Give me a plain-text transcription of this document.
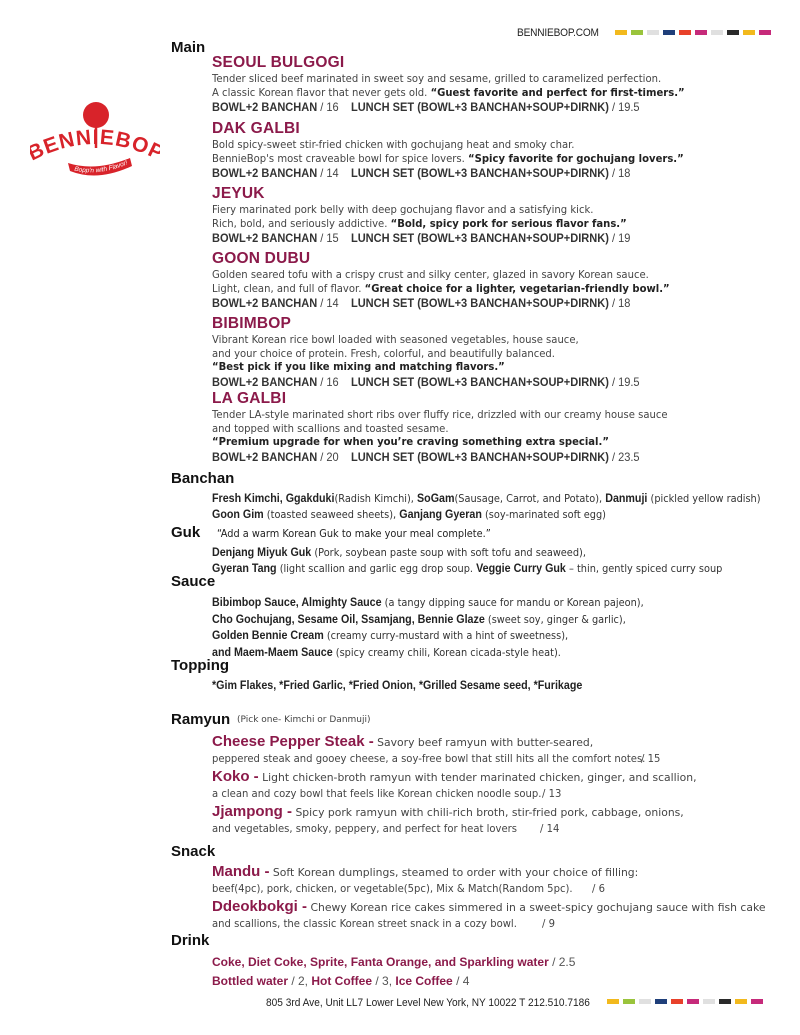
BENNIEBOP.COM
ENNIEBO
Bopp'n with Flavor!
Main
SEOUL BULGOGI
Tender sliced beef marinated in sweet soy and sesame, grilled to caramelized perfection.
A classic Korean flavor that never gets old. “Guest favorite and perfect for first-timers.”
BOWL+2 BANCHAN / 16 LUNCH SET (BOWL+3 BANCHAN+SOUP+DIRNK) / 19.5
DAK GALBI
Bold spicy-sweet stir-fried chicken with gochujang heat and smoky char.
BennieBop's most craveable bowl for spice lovers. “Spicy favorite for gochujang lovers.”
BOWL+2 BANCHAN / 14 LUNCH SET (BOWL+3 BANCHAN+SOUP+DIRNK) / 18
JEYUK
Fiery marinated pork belly with deep gochujang flavor and a satisfying kick.
Rich, bold, and seriously addictive. “Bold, spicy pork for serious flavor fans.”
BOWL+2 BANCHAN / 15 LUNCH SET (BOWL+3 BANCHAN+SOUP+DIRNK) / 19
GOON DUBU
Golden seared tofu with a crispy crust and silky center, glazed in savory Korean sauce.
Light, clean, and full of flavor. “Great choice for a lighter, vegetarian-friendly bowl.”
BOWL+2 BANCHAN / 14 LUNCH SET (BOWL+3 BANCHAN+SOUP+DIRNK) / 18
BIBIMBOP
Vibrant Korean rice bowl loaded with seasoned vegetables, house sauce,
and your choice of protein. Fresh, colorful, and beautifully balanced.
“Best pick if you like mixing and matching flavors.”
BOWL+2 BANCHAN / 16 LUNCH SET (BOWL+3 BANCHAN+SOUP+DIRNK) / 19.5
LA GALBI
Tender LA-style marinated short ribs over fluffy rice, drizzled with our creamy house sauce
and topped with scallions and toasted sesame.
“Premium upgrade for when you’re craving something extra special.”
BOWL+2 BANCHAN / 20 LUNCH SET (BOWL+3 BANCHAN+SOUP+DIRNK) / 23.5
Banchan
Fresh Kimchi, Ggakduki(Radish Kimchi), SoGam(Sausage, Carrot, and Potato), Danmuji (pickled yellow radish)
Goon Gim (toasted seaweed sheets), Ganjang Gyeran (soy-marinated soft egg)
Guk “Add a warm Korean Guk to make your meal complete.”
Denjang Miyuk Guk (Pork, soybean paste soup with soft tofu and seaweed),
Gyeran Tang (light scallion and garlic egg drop soup. Veggie Curry Guk – thin, gently spiced curry soup
Sauce
Bibimbop Sauce, Almighty Sauce (a tangy dipping sauce for mandu or Korean pajeon),
Cho Gochujang, Sesame Oil, Ssamjang, Bennie Glaze (sweet soy, ginger & garlic),
Golden Bennie Cream (creamy curry-mustard with a hint of sweetness),
and Maem-Maem Sauce (spicy creamy chili, Korean cicada-style heat).
Topping
*Gim Flakes, *Fried Garlic, *Fried Onion, *Grilled Sesame seed, *Furikage
Ramyun (Pick one- Kimchi or Danmuji)
Cheese Pepper Steak - Savory beef ramyun with butter-seared,
peppered steak and gooey cheese, a soy-free bowl that still hits all the comfort notes.
/ 15
Koko - Light chicken-broth ramyun with tender marinated chicken, ginger, and scallion,
a clean and cozy bowl that feels like Korean chicken noodle soup. / 13
Jjampong - Spicy pork ramyun with chili-rich broth, stir-fried pork, cabbage, onions,
and vegetables, smoky, peppery, and perfect for heat lovers / 14
Snack
Mandu - Soft Korean dumplings, steamed to order with your choice of filling:
beef(4pc), pork, chicken, or vegetable(5pc), Mix & Match(Random 5pc). / 6
Ddeokbokgi - Chewy Korean rice cakes simmered in a sweet-spicy gochujang sauce with fish cake
and scallions, the classic Korean street snack in a cozy bowl. / 9
Drink
Coke, Diet Coke, Sprite, Fanta Orange, and Sparkling water / 2.5
Bottled water / 2, Hot Coffee / 3, Ice Coffee / 4
805 3rd Ave, Unit LL7 Lower Level New York, NY 10022 T 212.510.7186
